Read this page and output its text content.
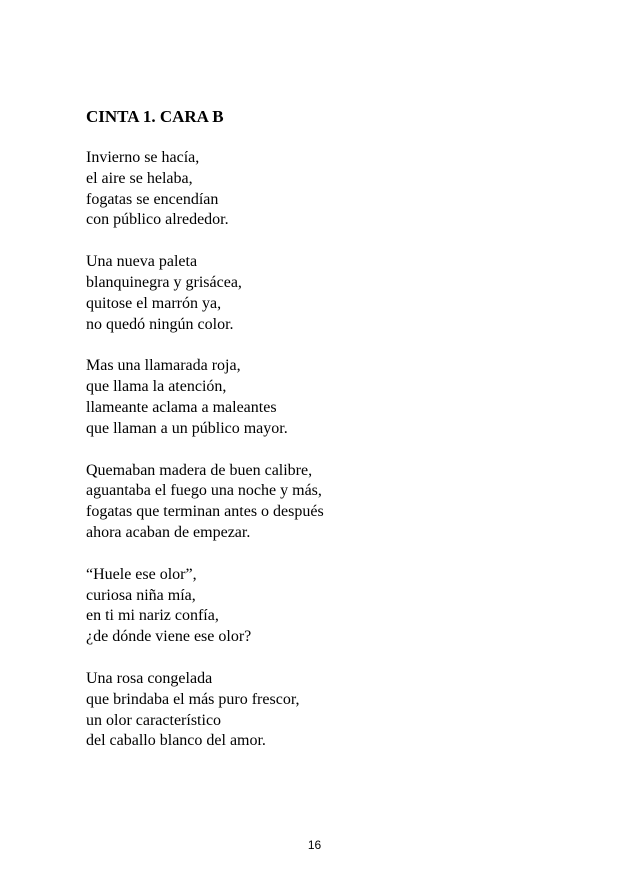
CINTA 1. CARA B
Invierno se hacía,
el aire se helaba,
fogatas se encendían
con público alrededor.
Una nueva paleta
blanquinegra y grisácea,
quitose el marrón ya,
no quedó ningún color.
Mas una llamarada roja,
que llama la atención,
llameante aclama a maleantes
que llaman a un público mayor.
Quemaban madera de buen calibre,
aguantaba el fuego una noche y más,
fogatas que terminan antes o después
ahora acaban de empezar.
“Huele ese olor”,
curiosa niña mía,
en ti mi nariz confía,
¿de dónde viene ese olor?
Una rosa congelada
que brindaba el más puro frescor,
un olor característico
del caballo blanco del amor.
16
